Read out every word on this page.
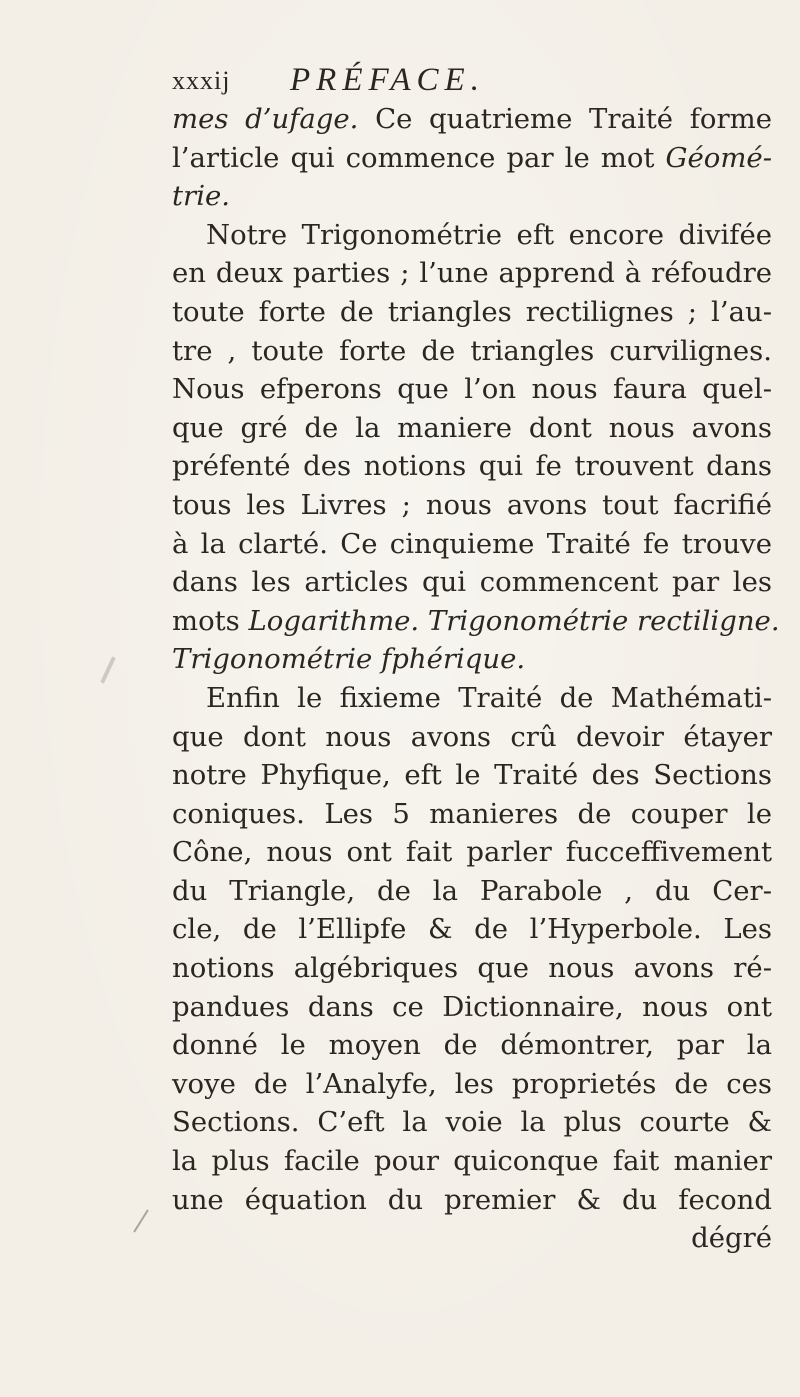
xxxij PRÉFACE.
mes d’ufage. Ce quatrieme Traité forme
l’article qui commence par le mot Géomé-
trie.
Notre Trigonométrie eft encore divifée
en deux parties ; l’une apprend à réfoudre
toute forte de triangles rectilignes ; l’au-
tre , toute forte de triangles curvilignes.
Nous efperons que l’on nous faura quel-
que gré de la maniere dont nous avons
préfenté des notions qui fe trouvent dans
tous les Livres ; nous avons tout facrifié
à la clarté. Ce cinquieme Traité fe trouve
dans les articles qui commencent par les
mots Logarithme. Trigonométrie rectiligne.
Trigonométrie fphérique.
Enfin le fixieme Traité de Mathémati-
que dont nous avons crû devoir étayer
notre Phyfique, eft le Traité des Sections
coniques. Les 5 manieres de couper le
Cône, nous ont fait parler fucceffivement
du Triangle, de la Parabole , du Cer-
cle, de l’Ellipfe & de l’Hyperbole. Les
notions algébriques que nous avons ré-
pandues dans ce Dictionnaire, nous ont
donné le moyen de démontrer, par la
voye de l’Analyfe, les proprietés de ces
Sections. C’eft la voie la plus courte &
la plus facile pour quiconque fait manier
une équation du premier & du fecond
dégré
